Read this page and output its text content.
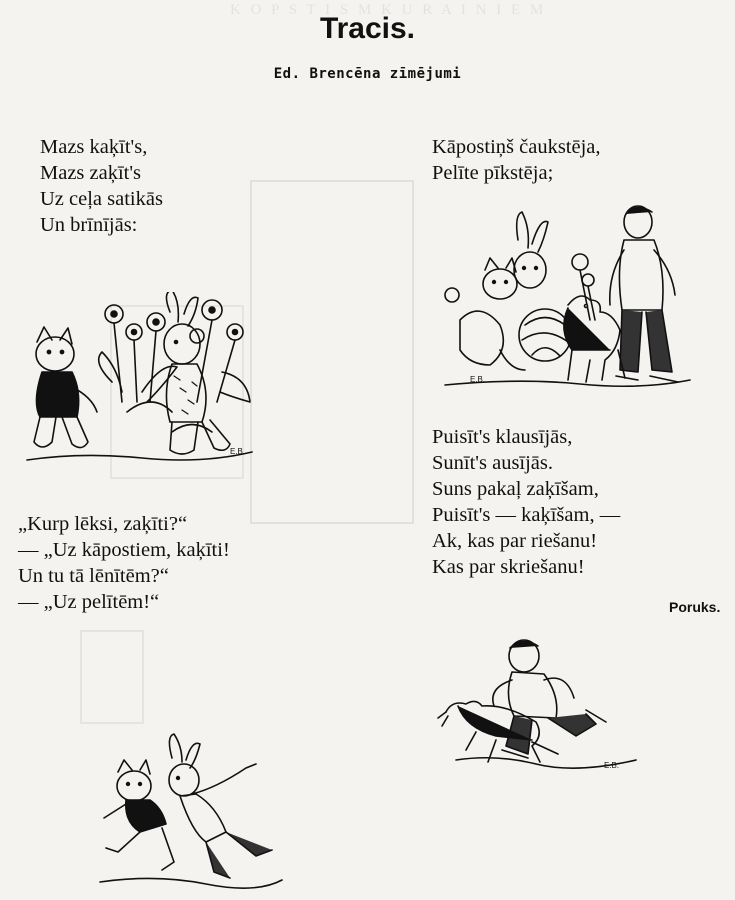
K O P S T I S M K U R A I N I E M
Tracis.
Ed. Brencēna zīmējumi
Mazs kaķīt's,
Mazs zaķīt's
Uz ceļa satikās
Un brīnījās:
Kāpostiņš čaukstēja,
Pelīte pīkstēja;
„Kurp lēksi, zaķīti?“
— „Uz kāpostiem, kaķīti!
Un tu tā lēnītēm?“
— „Uz pelītēm!“
Puisīt's klausījās,
Sunīt's ausījās.
Suns pakaļ zaķīšam,
Puisīt's — kaķīšam, —
Ak, kas par riešanu!
Kas par skriešanu!
Poruks.
E.B.
E.B.
E.B.
